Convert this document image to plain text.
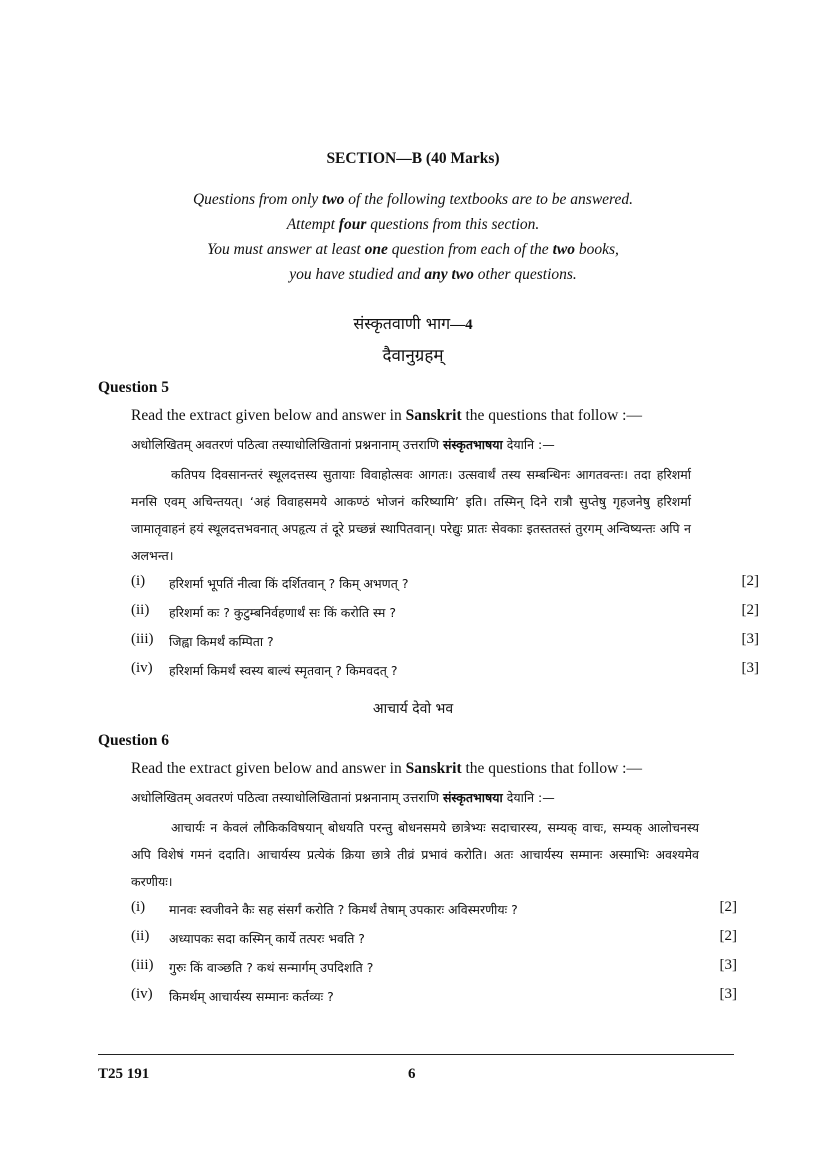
SECTION—B (40 Marks)
Questions from only two of the following textbooks are to be answered.
Attempt four questions from this section.
You must answer at least one question from each of the two books,
you have studied and any two other questions.
संस्कृतवाणी भाग—4
दैवानुग्रहम्
Question 5
Read the extract given below and answer in Sanskrit the questions that follow :—
अधोलिखितम् अवतरणं पठित्वा तस्याधोलिखितानां प्रश्ननानाम् उत्तराणि संस्कृतभाषया देयानि :—
कतिपय दिवसानन्तरं स्थूलदत्तस्य सुतायाः विवाहोत्सवः आगतः। उत्सवार्थं तस्य सम्बन्धिनः आगतवन्तः। तदा हरिशर्मा मनसि एवम् अचिन्तयत्। ‘अहं विवाहसमये आकण्ठं भोजनं करिष्यामि’ इति। तस्मिन् दिने रात्रौ सुप्तेषु गृहजनेषु हरिशर्मा जामातृवाहनं हयं स्थूलदत्तभवनात् अपहृत्य तं दूरे प्रच्छन्नं स्थापितवान्। परेद्युः प्रातः सेवकाः इतस्ततस्तं तुरगम् अन्विष्यन्तः अपि न अलभन्त।
(i) हरिशर्मा भूपतिं नीत्वा किं दर्शितवान् ? किम् अभणत् ?	[2]
(ii) हरिशर्मा कः ? कुटुम्बनिर्वहणार्थं सः किं करोति स्म ?	[2]
(iii) जिह्वा किमर्थं कम्पिता ?	[3]
(iv) हरिशर्मा किमर्थं स्वस्य बाल्यं स्मृतवान् ? किमवदत् ?	[3]
आचार्य देवो भव
Question 6
Read the extract given below and answer in Sanskrit the questions that follow :—
अधोलिखितम् अवतरणं पठित्वा तस्याधोलिखितानां प्रश्ननानाम् उत्तराणि संस्कृतभाषया देयानि :—
आचार्यः न केवलं लौकिकविषयान् बोधयति परन्तु बोधनसमये छात्रेभ्यः सदाचारस्य, सम्यक् वाचः, सम्यक् आलोचनस्य अपि विशेषं गमनं ददाति। आचार्यस्य प्रत्येकं क्रिया छात्रे तीव्रं प्रभावं करोति। अतः आचार्यस्य सम्मानः अस्माभिः अवश्यमेव करणीयः।
(i) मानवः स्वजीवने कैः सह संसर्गं करोति ? किमर्थं तेषाम् उपकारः अविस्मरणीयः ?	[2]
(ii) अध्यापकः सदा कस्मिन् कार्ये तत्परः भवति ?	[2]
(iii) गुरुः किं वाञ्छति ? कथं सन्मार्गम् उपदिशति ?	[3]
(iv) किमर्थम् आचार्यस्य सम्मानः कर्तव्यः ?	[3]
T25 191	6
